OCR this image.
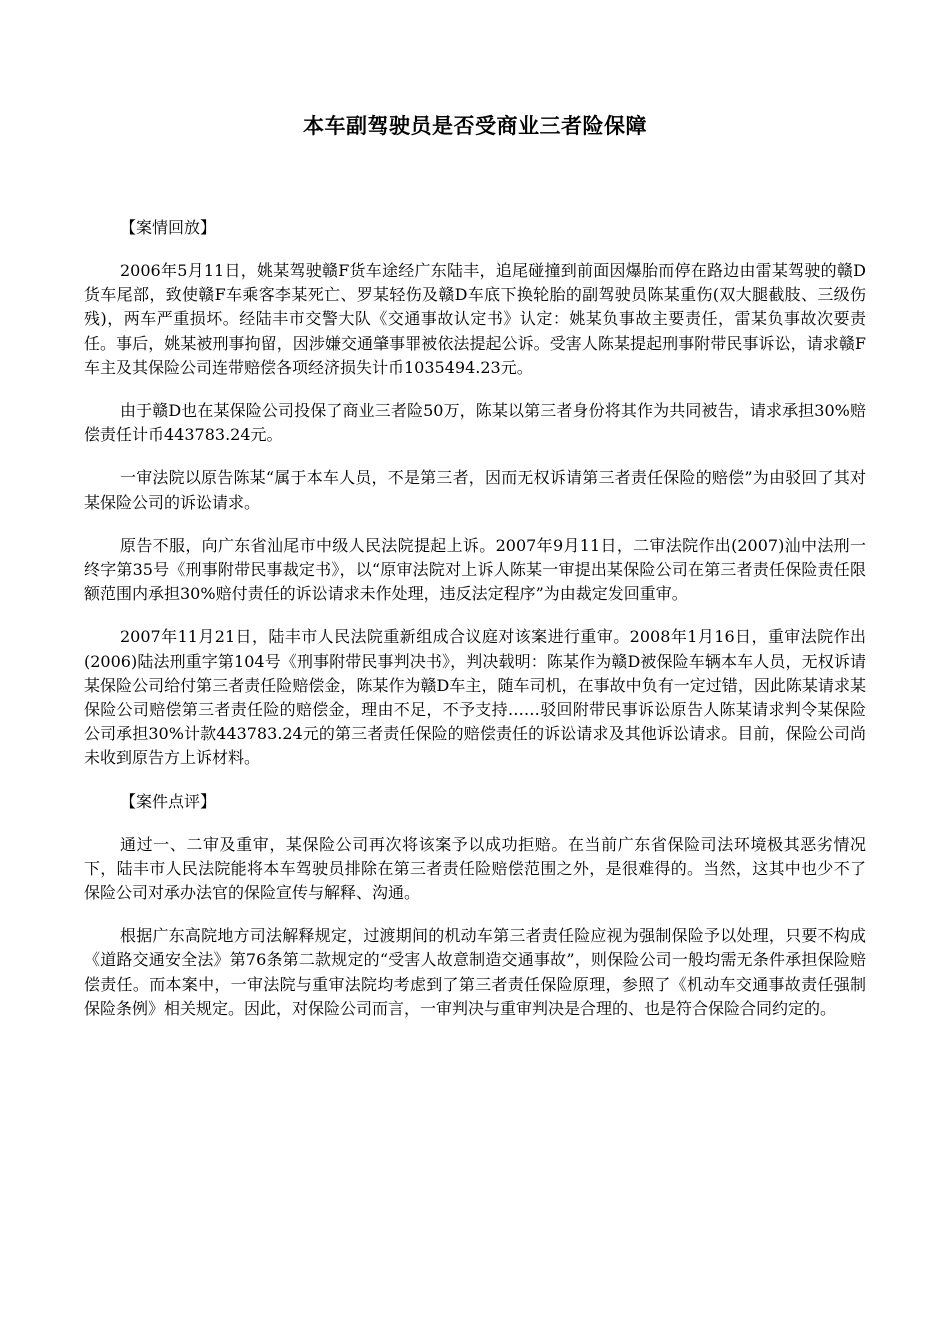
本车副驾驶员是否受商业三者险保障

【案情回放】

2006年5月11日，姚某驾驶赣F货车途经广东陆丰，追尾碰撞到前面因爆胎而停在路边由雷某驾驶的赣D货车尾部，致使赣F车乘客李某死亡、罗某轻伤及赣D车底下换轮胎的副驾驶员陈某重伤(双大腿截肢、三级伤残)，两车严重损坏。经陆丰市交警大队《交通事故认定书》认定：姚某负事故主要责任，雷某负事故次要责任。事后，姚某被刑事拘留，因涉嫌交通肇事罪被依法提起公诉。受害人陈某提起刑事附带民事诉讼，请求赣F车主及其保险公司连带赔偿各项经济损失计币1035494.23元。

由于赣D也在某保险公司投保了商业三者险50万，陈某以第三者身份将其作为共同被告，请求承担30%赔偿责任计币443783.24元。

一审法院以原告陈某“属于本车人员，不是第三者，因而无权诉请第三者责任保险的赔偿”为由驳回了其对某保险公司的诉讼请求。

原告不服，向广东省汕尾市中级人民法院提起上诉。2007年9月11日，二审法院作出(2007)汕中法刑一终字第35号《刑事附带民事裁定书》，以“原审法院对上诉人陈某一审提出某保险公司在第三者责任保险责任限额范围内承担30%赔付责任的诉讼请求未作处理，违反法定程序”为由裁定发回重审。

2007年11月21日，陆丰市人民法院重新组成合议庭对该案进行重审。2008年1月16日，重审法院作出(2006)陆法刑重字第104号《刑事附带民事判决书》，判决载明：陈某作为赣D被保险车辆本车人员，无权诉请某保险公司给付第三者责任险赔偿金，陈某作为赣D车主，随车司机，在事故中负有一定过错，因此陈某请求某保险公司赔偿第三者责任险的赔偿金，理由不足，不予支持……驳回附带民事诉讼原告人陈某请求判令某保险公司承担30%计款443783.24元的第三者责任保险的赔偿责任的诉讼请求及其他诉讼请求。目前，保险公司尚未收到原告方上诉材料。

【案件点评】

通过一、二审及重审，某保险公司再次将该案予以成功拒赔。在当前广东省保险司法环境极其恶劣情况下，陆丰市人民法院能将本车驾驶员排除在第三者责任险赔偿范围之外，是很难得的。当然，这其中也少不了保险公司对承办法官的保险宣传与解释、沟通。

根据广东高院地方司法解释规定，过渡期间的机动车第三者责任险应视为强制保险予以处理，只要不构成《道路交通安全法》第76条第二款规定的“受害人故意制造交通事故”，则保险公司一般均需无条件承担保险赔偿责任。而本案中，一审法院与重审法院均考虑到了第三者责任保险原理，参照了《机动车交通事故责任强制保险条例》相关规定。因此，对保险公司而言，一审判决与重审判决是合理的、也是符合保险合同约定的。
